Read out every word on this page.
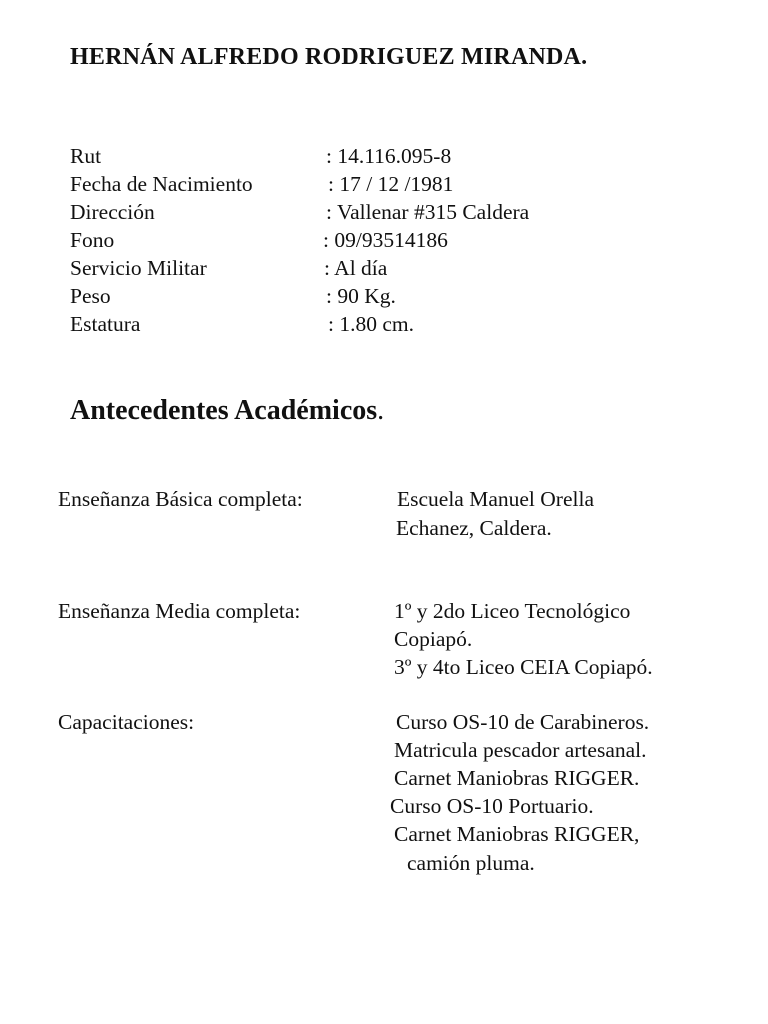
HERNÁN ALFREDO RODRIGUEZ MIRANDA.
Rut	: 14.116.095-8
Fecha de Nacimiento	: 17 / 12 /1981
Dirección	: Vallenar #315 Caldera
Fono	: 09/93514186
Servicio Militar	: Al día
Peso	: 90 Kg.
Estatura	: 1.80 cm.
Antecedentes Académicos.
Enseñanza Básica completa:	Escuela Manuel Orella
Echanez, Caldera.
Enseñanza Media completa:	1º y 2do Liceo Tecnológico
Copiapó.
3º y 4to Liceo CEIA Copiapó.
Capacitaciones:	Curso OS-10 de Carabineros.
Matricula pescador artesanal.
Carnet Maniobras RIGGER.
Curso OS-10 Portuario.
Carnet Maniobras RIGGER,
camión pluma.
